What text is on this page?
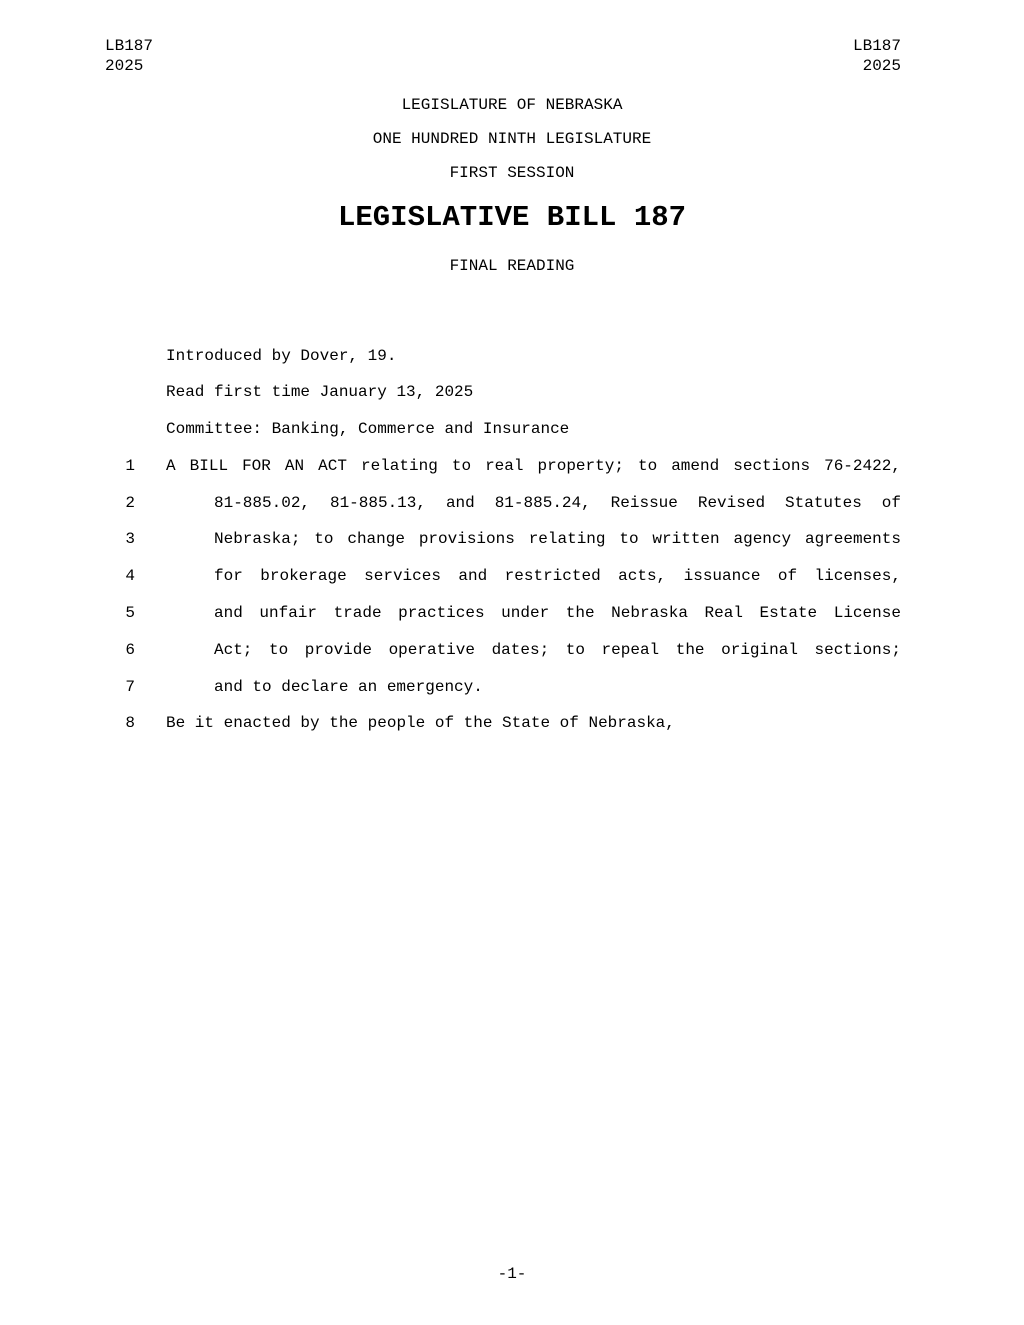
LB187
2025
LB187
2025
LEGISLATURE OF NEBRASKA
ONE HUNDRED NINTH LEGISLATURE
FIRST SESSION
LEGISLATIVE BILL 187
FINAL READING
Introduced by Dover, 19.
Read first time January 13, 2025
Committee: Banking, Commerce and Insurance
1 A BILL FOR AN ACT relating to real property; to amend sections 76-2422,
2	81-885.02, 81-885.13, and 81-885.24, Reissue Revised Statutes of
3	Nebraska; to change provisions relating to written agency agreements
4	for brokerage services and restricted acts, issuance of licenses,
5	and unfair trade practices under the Nebraska Real Estate License
6	Act; to provide operative dates; to repeal the original sections;
7	and to declare an emergency.
8 Be it enacted by the people of the State of Nebraska,
-1-
